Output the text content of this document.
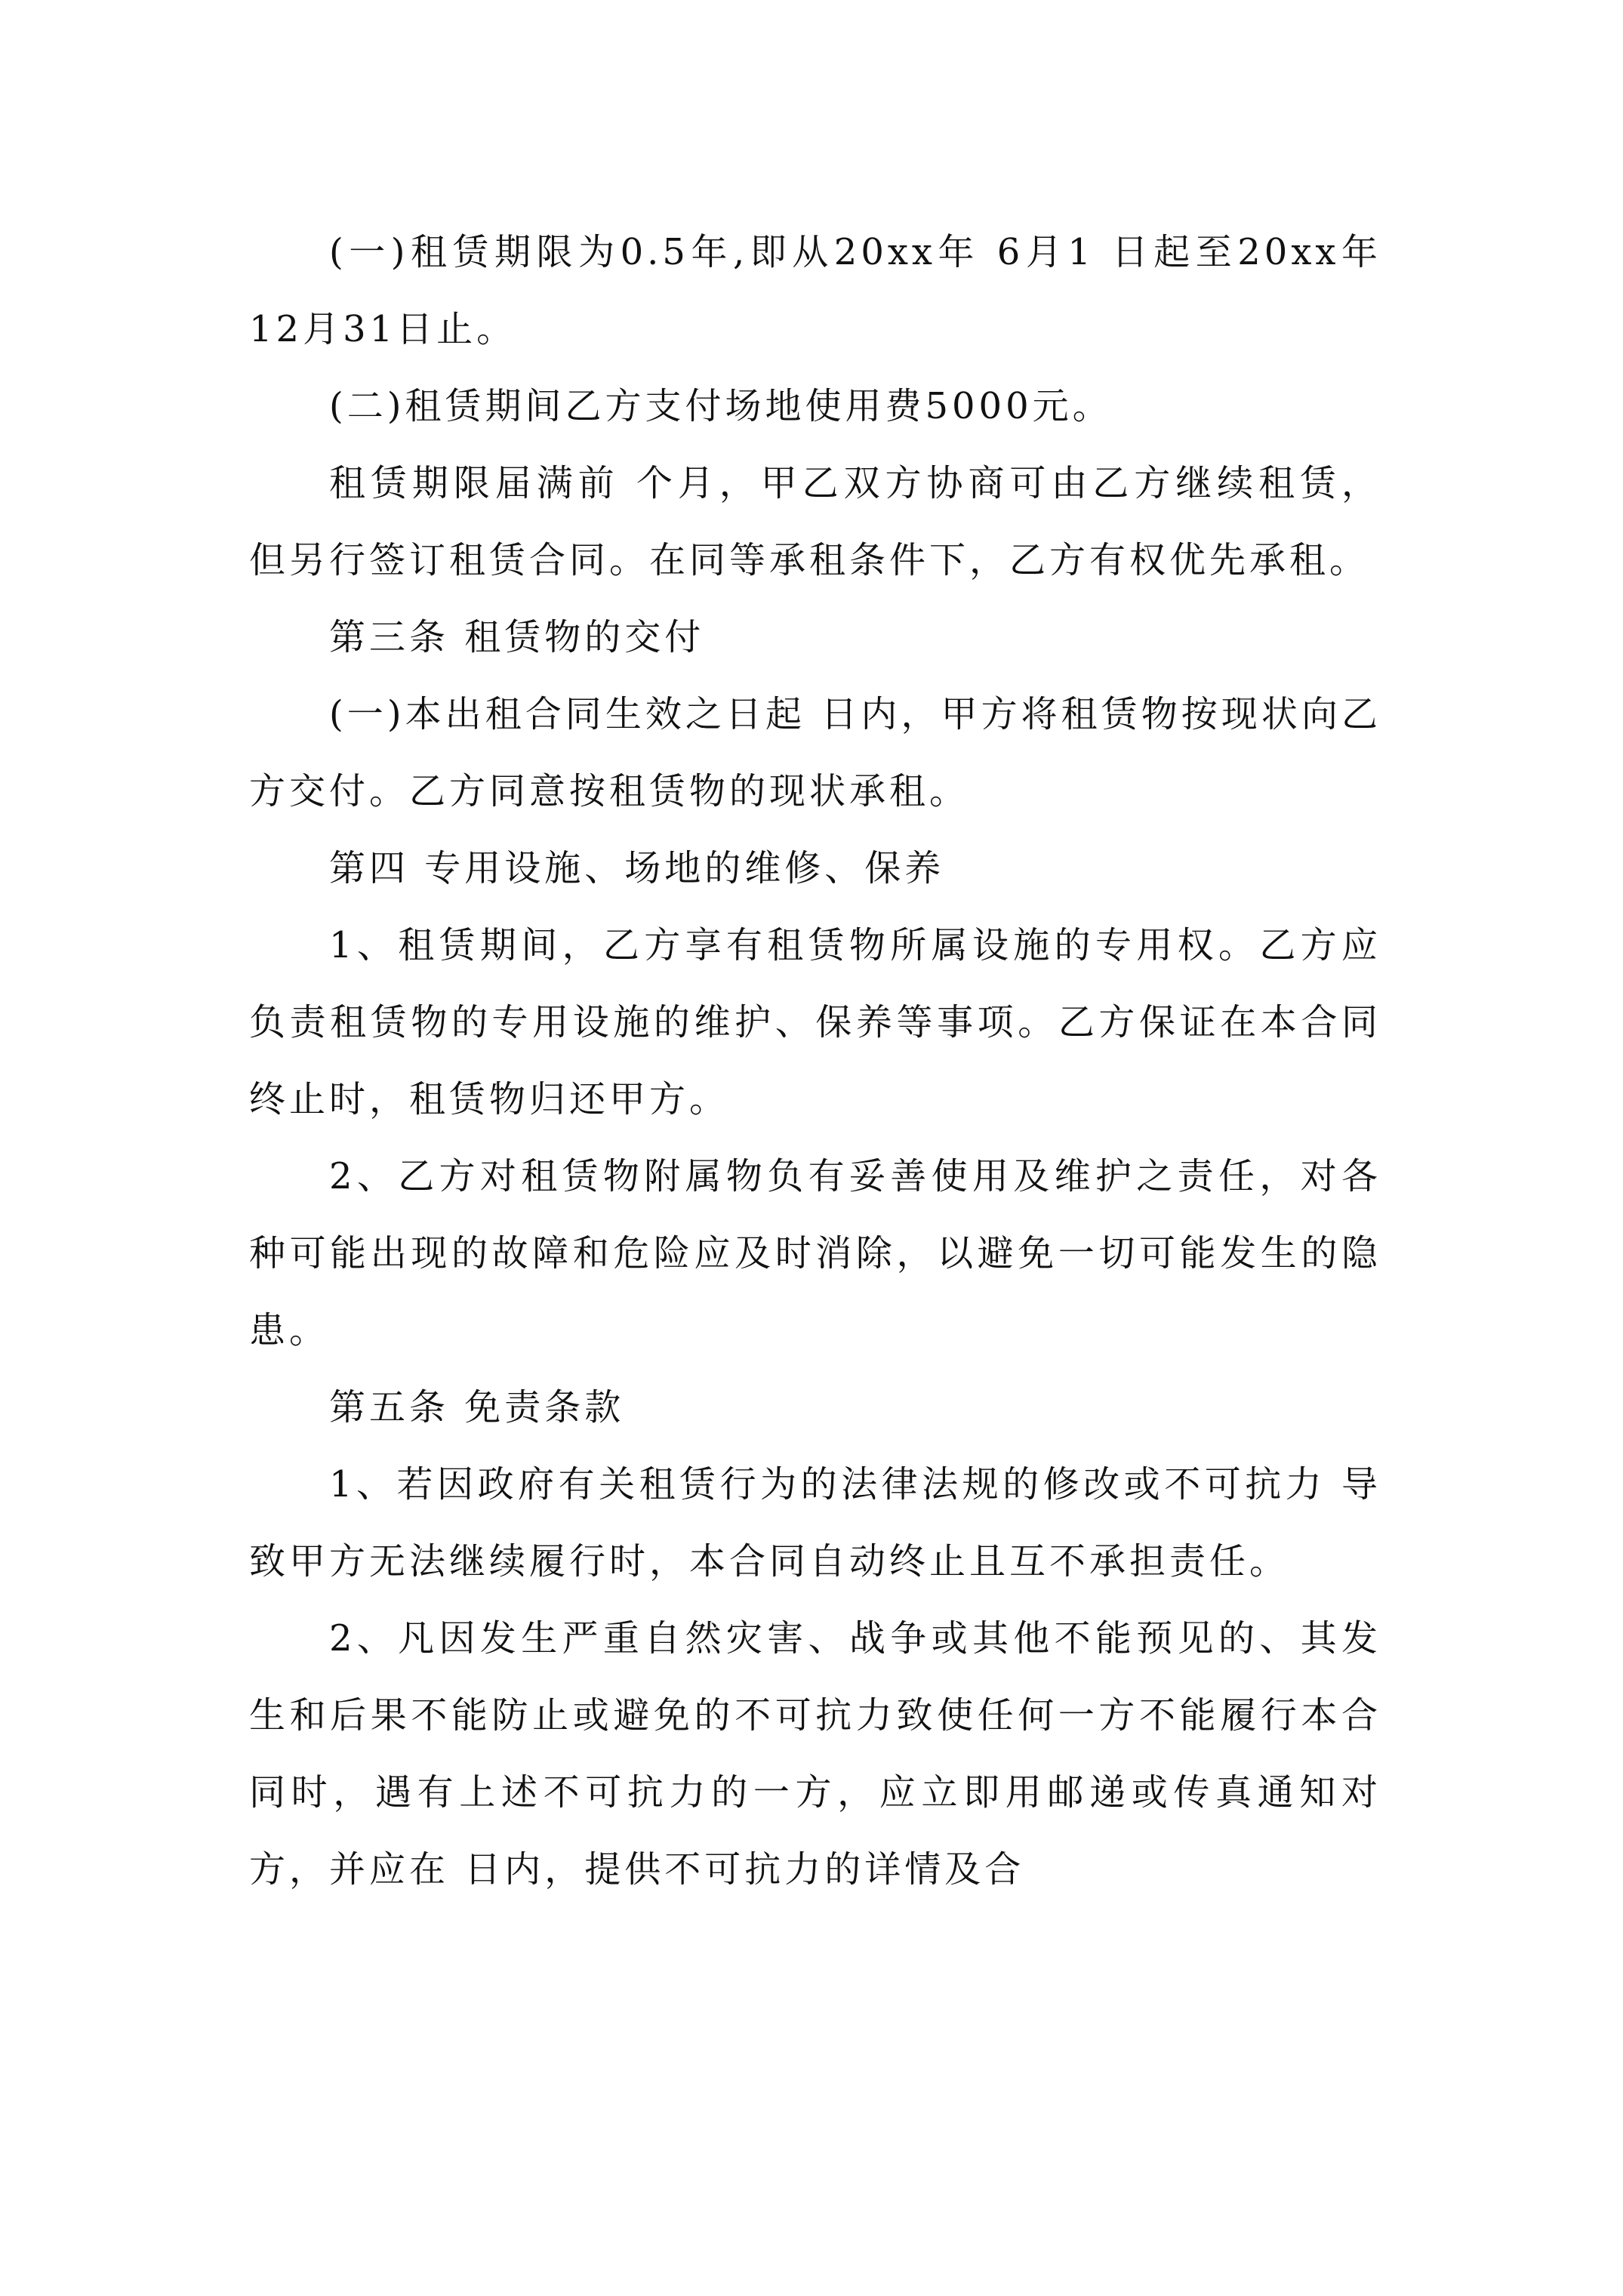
(一)租赁期限为0.5年,即从20xx年 6月1 日起至20xx年12月31日止。

(二)租赁期间乙方支付场地使用费5000元。

租赁期限届满前 个月，甲乙双方协商可由乙方继续租赁，但另行签订租赁合同。在同等承租条件下，乙方有权优先承租。

第三条 租赁物的交付

(一)本出租合同生效之日起 日内，甲方将租赁物按现状向乙方交付。乙方同意按租赁物的现状承租。

第四 专用设施、场地的维修、保养

1、租赁期间，乙方享有租赁物所属设施的专用权。乙方应负责租赁物的专用设施的维护、保养等事项。乙方保证在本合同终止时，租赁物归还甲方。

2、乙方对租赁物附属物负有妥善使用及维护之责任，对各种可能出现的故障和危险应及时消除，以避免一切可能发生的隐患。

第五条 免责条款

1、若因政府有关租赁行为的法律法规的修改或不可抗力 导致甲方无法继续履行时，本合同自动终止且互不承担责任。

2、凡因发生严重自然灾害、战争或其他不能预见的、其发生和后果不能防止或避免的不可抗力致使任何一方不能履行本合同时，遇有上述不可抗力的一方，应立即用邮递或传真通知对方，并应在 日内，提供不可抗力的详情及合
